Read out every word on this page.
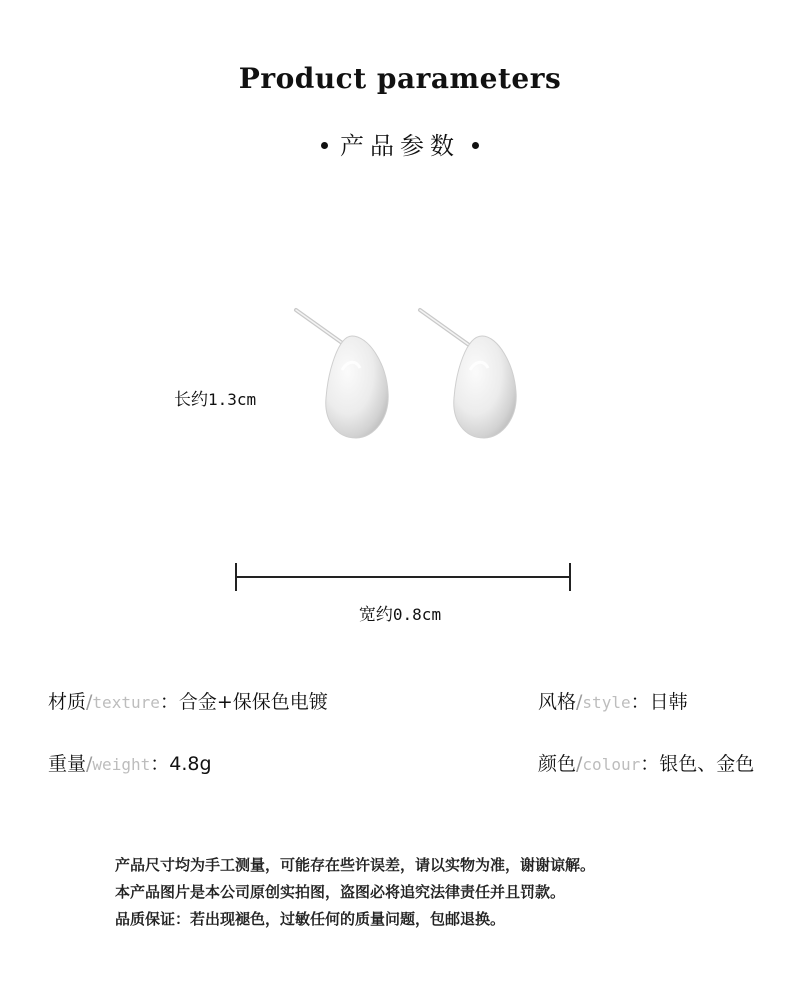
Product parameters
产品参数
长约1.3cm
宽约0.8cm
材质/texture：合金+保保色电镀	风格/style：日韩
重量/weight：4.8g	颜色/colour：银色、金色
产品尺寸均为手工测量，可能存在些许误差，请以实物为准，谢谢谅解。
本产品图片是本公司原创实拍图，盗图必将追究法律责任并且罚款。
品质保证：若出现褪色，过敏任何的质量问题，包邮退换。
